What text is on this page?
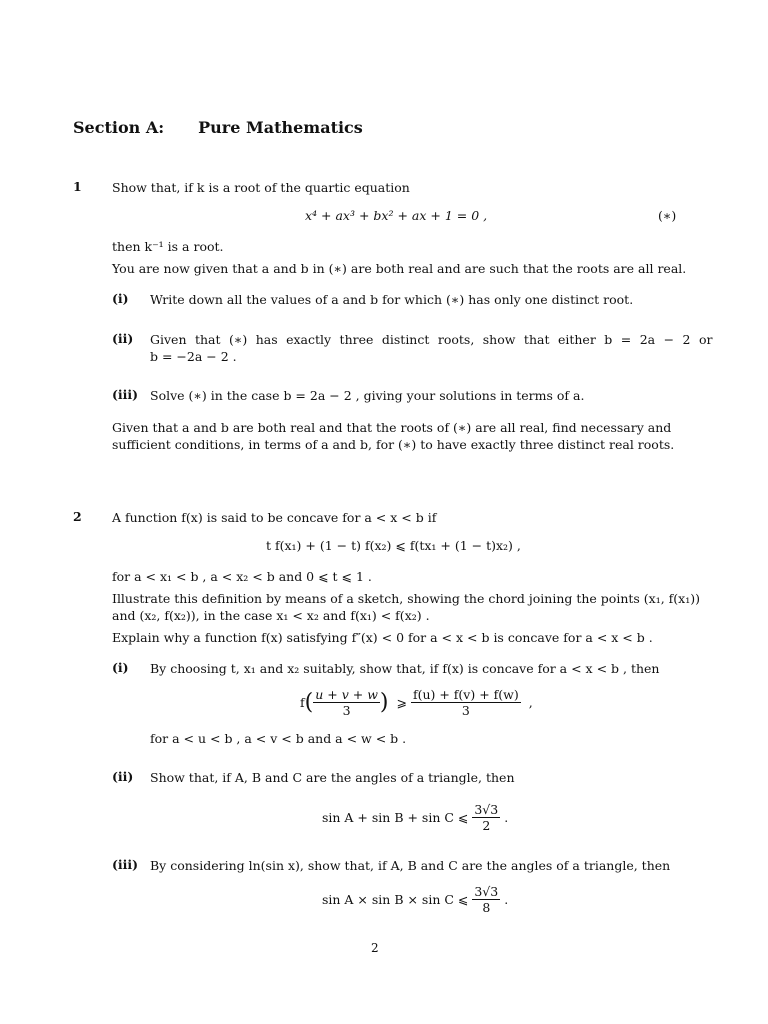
Section A: Pure Mathematics
1 Show that, if k is a root of the quartic equation
x⁴ + ax³ + bx² + ax + 1 = 0 ,	(∗)
then k⁻¹ is a root.
You are now given that a and b in (∗) are both real and are such that the roots are all real.
(i) Write down all the values of a and b for which (∗) has only one distinct root.
(ii) Given that (∗) has exactly three distinct roots, show that either b = 2a − 2 or
b = −2a − 2 .
(iii) Solve (∗) in the case b = 2a − 2 , giving your solutions in terms of a.
Given that a and b are both real and that the roots of (∗) are all real, find necessary and
sufficient conditions, in terms of a and b, for (∗) to have exactly three distinct real roots.
2 A function f(x) is said to be concave for a < x < b if
t f(x₁) + (1 − t) f(x₂) ⩽ f(tx₁ + (1 − t)x₂) ,
for a < x₁ < b , a < x₂ < b and 0 ⩽ t ⩽ 1 .
Illustrate this definition by means of a sketch, showing the chord joining the points (x₁, f(x₁))
and (x₂, f(x₂)), in the case x₁ < x₂ and f(x₁) < f(x₂) .
Explain why a function f(x) satisfying f″(x) < 0 for a < x < b is concave for a < x < b .
(i) By choosing t, x₁ and x₂ suitably, show that, if f(x) is concave for a < x < b , then
$f( \frac{u + v + w}{3}$ ) ⩾ $\frac{f(u) + f(v) + f(w)}{3}$ ,
for a < u < b , a < v < b and a < w < b .
(ii) Show that, if A, B and C are the angles of a triangle, then
sin A + sin B + sin C ⩽ $\frac{3√3}{2}$ .
(iii) By considering ln(sin x), show that, if A, B and C are the angles of a triangle, then
sin A × sin B × sin C ⩽ $\frac{3√3}{8}$ .
2
